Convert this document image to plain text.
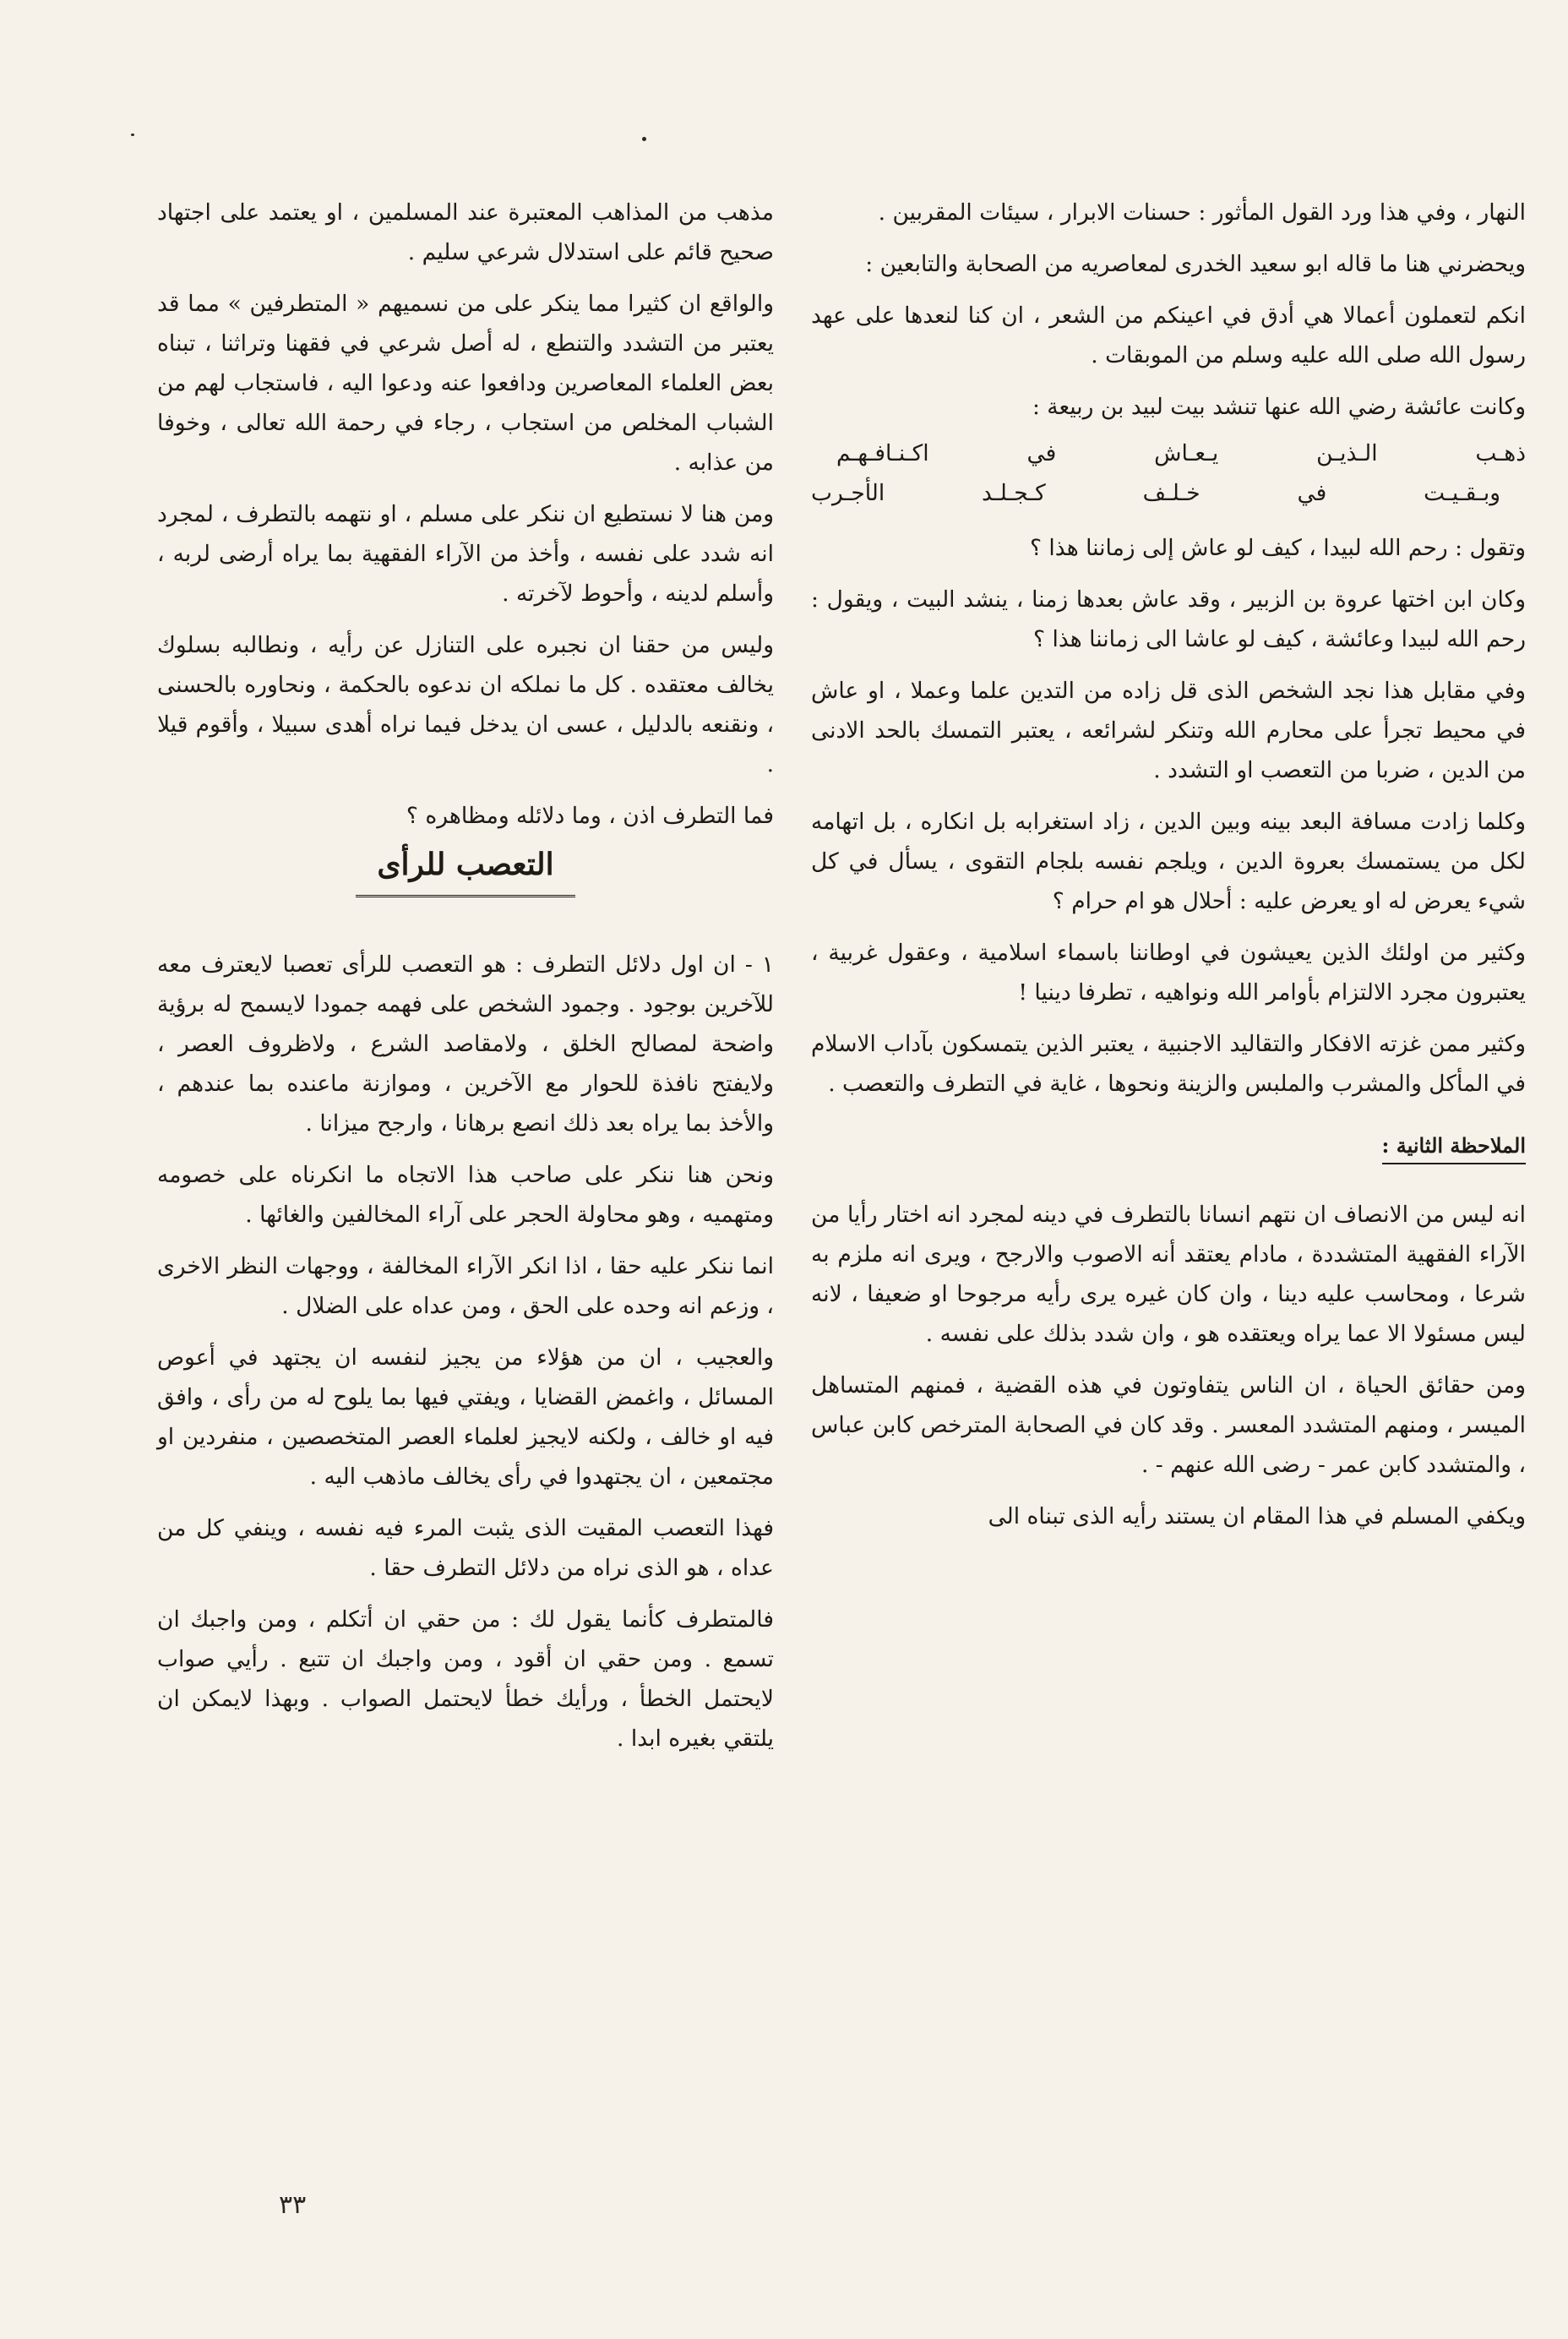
النهار ، وفي هذا ورد القول المأثور : حسنات الابرار ، سيئات المقربين .

ويحضرني هنا ما قاله ابو سعيد الخدرى لمعاصريه من الصحابة والتابعين :

انكم لتعملون أعمالا هي أدق في اعينكم من الشعر ، ان كنا لنعدها على عهد رسول الله صلى الله عليه وسلم من الموبقات .

وكانت عائشة رضي الله عنها تنشد بيت لبيد بن ربيعة :

ذهـب الـذيـن يـعـاش في اكـنـافـهـم

وبـقـيـت في خـلـف كـجـلـد الأجـرب

وتقول : رحم الله لبيدا ، كيف لو عاش إلى زماننا هذا ؟

وكان ابن اختها عروة بن الزبير ، وقد عاش بعدها زمنا ، ينشد البيت ، ويقول : رحم الله لبيدا وعائشة ، كيف لو عاشا الى زماننا هذا ؟

وفي مقابل هذا نجد الشخص الذى قل زاده من التدين علما وعملا ، او عاش في محيط تجرأ على محارم الله وتنكر لشرائعه ، يعتبر التمسك بالحد الادنى من الدين ، ضربا من التعصب او التشدد .

وكلما زادت مسافة البعد بينه وبين الدين ، زاد استغرابه بل انكاره ، بل اتهامه لكل من يستمسك بعروة الدين ، ويلجم نفسه بلجام التقوى ، يسأل في كل شيء يعرض له او يعرض عليه : أحلال هو ام حرام ؟

وكثير من اولئك الذين يعيشون في اوطاننا باسماء اسلامية ، وعقول غربية ، يعتبرون مجرد الالتزام بأوامر الله ونواهيه ، تطرفا دينيا !

وكثير ممن غزته الافكار والتقاليد الاجنبية ، يعتبر الذين يتمسكون بآداب الاسلام في المأكل والمشرب والملبس والزينة ونحوها ، غاية في التطرف والتعصب .

الملاحظة الثانية :

انه ليس من الانصاف ان نتهم انسانا بالتطرف في دينه لمجرد انه اختار رأيا من الآراء الفقهية المتشددة ، مادام يعتقد أنه الاصوب والارجح ، ويرى انه ملزم به شرعا ، ومحاسب عليه دينا ، وان كان غيره يرى رأيه مرجوحا او ضعيفا ، لانه ليس مسئولا الا عما يراه ويعتقده هو ، وان شدد بذلك على نفسه .

ومن حقائق الحياة ، ان الناس يتفاوتون في هذه القضية ، فمنهم المتساهل الميسر ، ومنهم المتشدد المعسر . وقد كان في الصحابة المترخص كابن عباس ، والمتشدد كابن عمر - رضى الله عنهم - .

ويكفي المسلم في هذا المقام ان يستند رأيه الذى تبناه الى

مذهب من المذاهب المعتبرة عند المسلمين ، او يعتمد على اجتهاد صحيح قائم على استدلال شرعي سليم .

والواقع ان كثيرا مما ينكر على من نسميهم « المتطرفين » مما قد يعتبر من التشدد والتنطع ، له أصل شرعي في فقهنا وتراثنا ، تبناه بعض العلماء المعاصرين ودافعوا عنه ودعوا اليه ، فاستجاب لهم من الشباب المخلص من استجاب ، رجاء في رحمة الله تعالى ، وخوفا من عذابه .

ومن هنا لا نستطيع ان ننكر على مسلم ، او نتهمه بالتطرف ، لمجرد انه شدد على نفسه ، وأخذ من الآراء الفقهية بما يراه أرضى لربه ، وأسلم لدينه ، وأحوط لآخرته .

وليس من حقنا ان نجبره على التنازل عن رأيه ، ونطالبه بسلوك يخالف معتقده . كل ما نملكه ان ندعوه بالحكمة ، ونحاوره بالحسنى ، ونقنعه بالدليل ، عسى ان يدخل فيما نراه أهدى سبيلا ، وأقوم قيلا .

فما التطرف اذن ، وما دلائله ومظاهره ؟

التعصب للرأى

١ - ان اول دلائل التطرف : هو التعصب للرأى تعصبا لايعترف معه للآخرين بوجود . وجمود الشخص على فهمه جمودا لايسمح له برؤية واضحة لمصالح الخلق ، ولامقاصد الشرع ، ولاظروف العصر ، ولايفتح نافذة للحوار مع الآخرين ، وموازنة ماعنده بما عندهم ، والأخذ بما يراه بعد ذلك انصع برهانا ، وارجح ميزانا .

ونحن هنا ننكر على صاحب هذا الاتجاه ما انكرناه على خصومه ومتهميه ، وهو محاولة الحجر على آراء المخالفين والغائها .

انما ننكر عليه حقا ، اذا انكر الآراء المخالفة ، ووجهات النظر الاخرى ، وزعم انه وحده على الحق ، ومن عداه على الضلال .

والعجيب ، ان من هؤلاء من يجيز لنفسه ان يجتهد في أعوص المسائل ، واغمض القضايا ، ويفتي فيها بما يلوح له من رأى ، وافق فيه او خالف ، ولكنه لايجيز لعلماء العصر المتخصصين ، منفردين او مجتمعين ، ان يجتهدوا في رأى يخالف ماذهب اليه .

فهذا التعصب المقيت الذى يثبت المرء فيه نفسه ، وينفي كل من عداه ، هو الذى نراه من دلائل التطرف حقا .

فالمتطرف كأنما يقول لك : من حقي ان أتكلم ، ومن واجبك ان تسمع . ومن حقي ان أقود ، ومن واجبك ان تتبع . رأيي صواب لايحتمل الخطأ ، ورأيك خطأ لايحتمل الصواب . وبهذا لايمكن ان يلتقي بغيره ابدا .

٣٣
